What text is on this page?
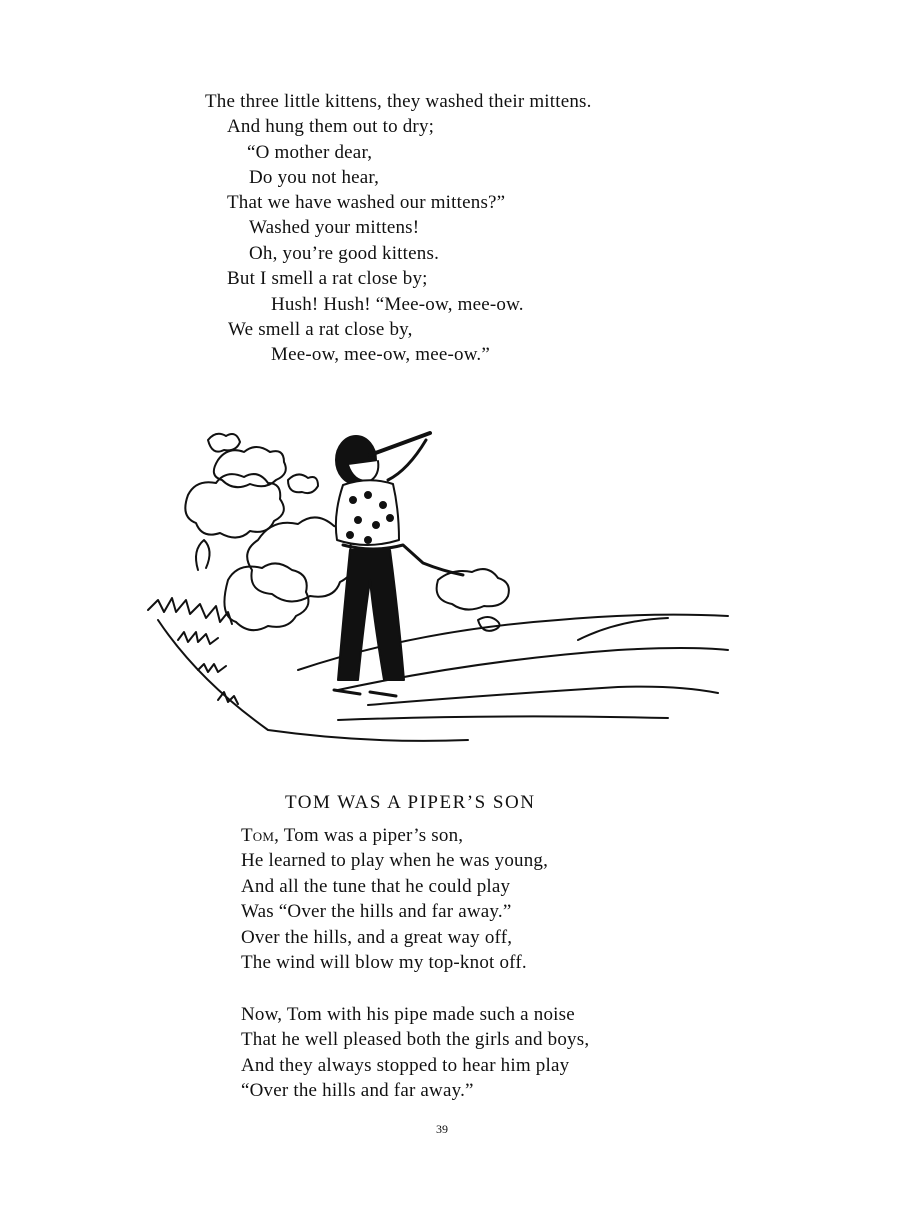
The three little kittens, they washed their mittens.
And hung them out to dry;
“O mother dear,
Do you not hear,
That we have washed our mittens?”
Washed your mittens!
Oh, you’re good kittens.
But I smell a rat close by;
Hush! Hush! “Mee-ow, mee-ow.
We smell a rat close by,
Mee-ow, mee-ow, mee-ow.”
TOM WAS A PIPER’S SON
Tom, Tom was a piper’s son,
He learned to play when he was young,
And all the tune that he could play
Was “Over the hills and far away.”
Over the hills, and a great way off,
The wind will blow my top-knot off.
Now, Tom with his pipe made such a noise
That he well pleased both the girls and boys,
And they always stopped to hear him play
“Over the hills and far away.”
39
